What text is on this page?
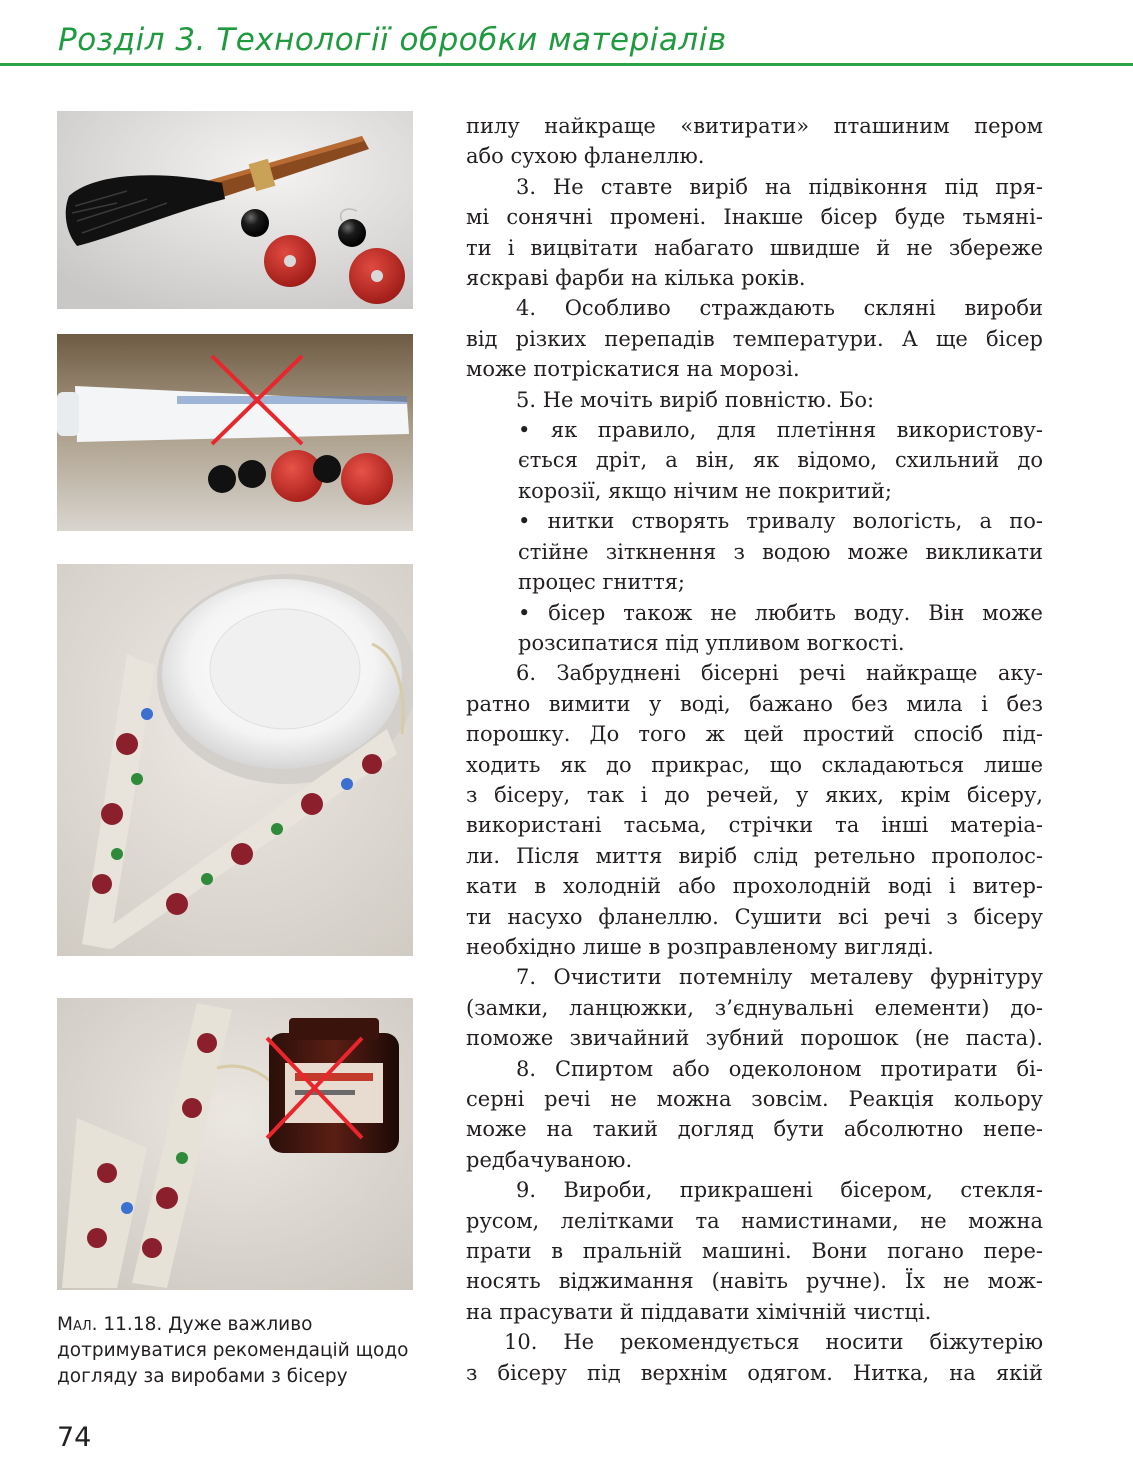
Розділ 3. Технології обробки матеріалів
Мал. 11.18. Дуже важливо
дотримуватися рекомендацій щодо
догляду за виробами з бісеру
74
пилу найкраще «витирати» пташиним пером
або сухою фланеллю.
3. Не ставте виріб на підвіконня під пря-
мі сонячні промені. Інакше бісер буде тьмяні-
ти і вицвітати набагато швидше й не збереже
яскраві фарби на кілька років.
4. Особливо страждають скляні вироби
від різких перепадів температури. А ще бісер
може потріскатися на морозі.
5. Не мочіть виріб повністю. Бо:
• як правило, для плетіння використову-
ється дріт, а він, як відомо, схильний до
корозії, якщо нічим не покритий;
• нитки створять тривалу вологість, а по-
стійне зіткнення з водою може викликати
процес гниття;
• бісер також не любить воду. Він може
розсипатися під упливом вогкості.
6. Забруднені бісерні речі найкраще аку-
ратно вимити у воді, бажано без мила і без
порошку. До того ж цей простий спосіб під-
ходить як до прикрас, що складаються лише
з бісеру, так і до речей, у яких, крім бісеру,
використані тасьма, стрічки та інші матеріа-
ли. Після миття виріб слід ретельно прополос-
кати в холодній або прохолодній воді і витер-
ти насухо фланеллю. Сушити всі речі з бісеру
необхідно лише в розправленому вигляді.
7. Очистити потемнілу металеву фурнітуру
(замки, ланцюжки, з’єднувальні елементи) до-
поможе звичайний зубний порошок (не паста).
8. Спиртом або одеколоном протирати бі-
серні речі не можна зовсім. Реакція кольору
може на такий догляд бути абсолютно непе-
редбачуваною.
9. Вироби, прикрашені бісером, стекля-
русом, лелітками та намистинами, не можна
прати в пральній машині. Вони погано пере-
носять віджимання (навіть ручне). Їх не мож-
на прасувати й піддавати хімічній чистці.
10. Не рекомендується носити біжутерію
з бісеру під верхнім одягом. Нитка, на якій
